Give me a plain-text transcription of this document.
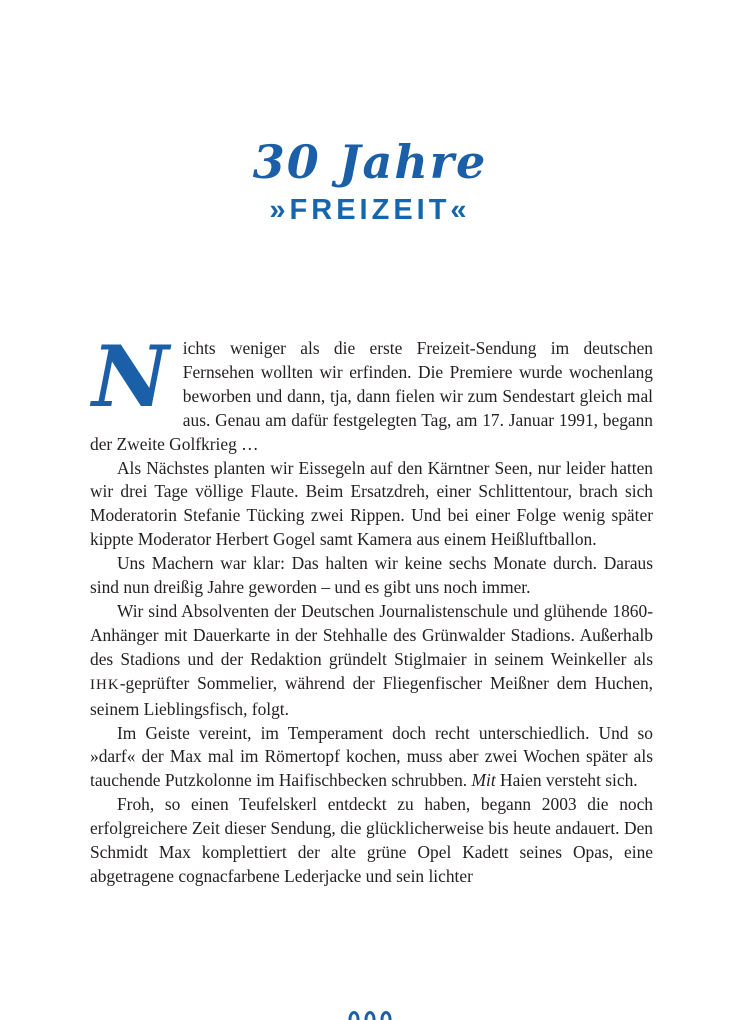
30 Jahre
»FREIZEIT«

Nichts weniger als die erste Freizeit-Sendung im deutschen Fernsehen wollten wir erfinden. Die Premiere wurde wochenlang beworben und dann, tja, dann fielen wir zum Sendestart gleich mal aus. Genau am dafür festgelegten Tag, am 17. Januar 1991, begann der Zweite Golfkrieg …

Als Nächstes planten wir Eissegeln auf den Kärntner Seen, nur leider hatten wir drei Tage völlige Flaute. Beim Ersatzdreh, einer Schlittentour, brach sich Moderatorin Stefanie Tücking zwei Rippen. Und bei einer Folge wenig später kippte Moderator Herbert Gogel samt Kamera aus einem Heißluftballon.

Uns Machern war klar: Das halten wir keine sechs Monate durch. Daraus sind nun dreißig Jahre geworden – und es gibt uns noch immer.

Wir sind Absolventen der Deutschen Journalistenschule und glühende 1860-Anhänger mit Dauerkarte in der Stehhalle des Grünwalder Stadions. Außerhalb des Stadions und der Redaktion gründelt Stiglmaier in seinem Weinkeller als IHK-geprüfter Sommelier, während der Fliegenfischer Meißner dem Huchen, seinem Lieblingsfisch, folgt.

Im Geiste vereint, im Temperament doch recht unterschiedlich. Und so »darf« der Max mal im Römertopf kochen, muss aber zwei Wochen später als tauchende Putzkolonne im Haifischbecken schrubben. Mit Haien versteht sich.

Froh, so einen Teufelskerl entdeckt zu haben, begann 2003 die noch erfolgreichere Zeit dieser Sendung, die glücklicherweise bis heute andauert. Den Schmidt Max komplettiert der alte grüne Opel Kadett seines Opas, eine abgetragene cognacfarbene Lederjacke und sein lichter
